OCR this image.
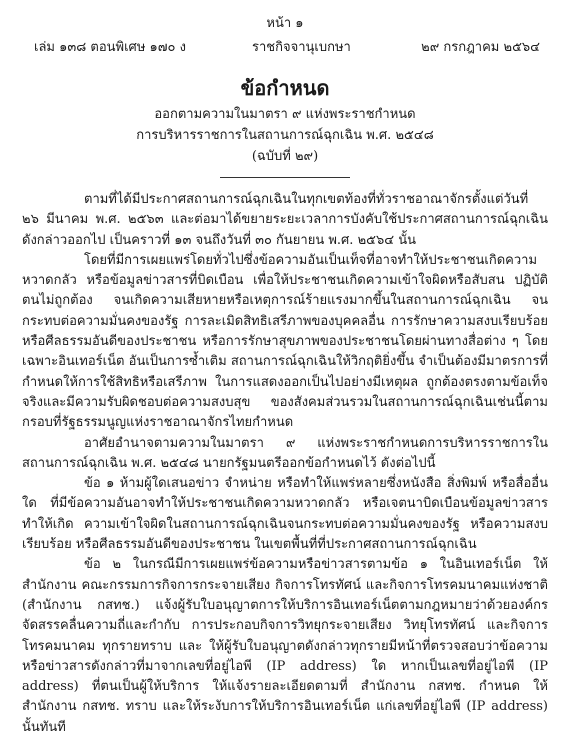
หน้า ๑
เล่ม ๑๓๘ ตอนพิเศษ ๑๗๐ ง	ราชกิจจานุเบกษา	๒๙ กรกฎาคม ๒๕๖๔
ข้อกำหนด
ออกตามความในมาตรา ๙ แห่งพระราชกำหนด
การบริหารราชการในสถานการณ์ฉุกเฉิน พ.ศ. ๒๕๔๘
(ฉบับที่ ๒๙)

ตามที่ได้มีประกาศสถานการณ์ฉุกเฉินในทุกเขตท้องที่ทั่วราชอาณาจักรตั้งแต่วันที่ ๒๖ มีนาคม พ.ศ. ๒๕๖๓ และต่อมาได้ขยายระยะเวลาการบังคับใช้ประกาศสถานการณ์ฉุกเฉินดังกล่าวออกไป เป็นคราวที่ ๑๓ จนถึงวันที่ ๓๐ กันยายน พ.ศ. ๒๕๖๔ นั้น

โดยที่มีการเผยแพร่โดยทั่วไปซึ่งข้อความอันเป็นเท็จที่อาจทำให้ประชาชนเกิดความหวาดกลัว หรือข้อมูลข่าวสารที่บิดเบือน เพื่อให้ประชาชนเกิดความเข้าใจผิดหรือสับสน ปฏิบัติตนไม่ถูกต้อง จนเกิดความเสียหายหรือเหตุการณ์ร้ายแรงมากขึ้นในสถานการณ์ฉุกเฉิน จนกระทบต่อความมั่นคงของรัฐ การละเมิดสิทธิเสรีภาพของบุคคลอื่น การรักษาความสงบเรียบร้อยหรือศีลธรรมอันดีของประชาชน หรือการรักษาสุขภาพของประชาชนโดยผ่านทางสื่อต่าง ๆ โดยเฉพาะอินเทอร์เน็ต อันเป็นการซ้ำเติม สถานการณ์ฉุกเฉินให้วิกฤติยิ่งขึ้น จำเป็นต้องมีมาตรการที่กำหนดให้การใช้สิทธิหรือเสรีภาพ ในการแสดงออกเป็นไปอย่างมีเหตุผล ถูกต้องตรงตามข้อเท็จจริงและมีความรับผิดชอบต่อความสงบสุข ของสังคมส่วนรวมในสถานการณ์ฉุกเฉินเช่นนี้ตามกรอบที่รัฐธรรมนูญแห่งราชอาณาจักรไทยกำหนด

อาศัยอำนาจตามความในมาตรา ๙ แห่งพระราชกำหนดการบริหารราชการในสถานการณ์ฉุกเฉิน พ.ศ. ๒๕๔๘ นายกรัฐมนตรีออกข้อกำหนดไว้ ดังต่อไปนี้

ข้อ ๑ ห้ามผู้ใดเสนอข่าว จำหน่าย หรือทำให้แพร่หลายซึ่งหนังสือ สิ่งพิมพ์ หรือสื่ออื่นใด ที่มีข้อความอันอาจทำให้ประชาชนเกิดความหวาดกลัว หรือเจตนาบิดเบือนข้อมูลข่าวสาร ทำให้เกิด ความเข้าใจผิดในสถานการณ์ฉุกเฉินจนกระทบต่อความมั่นคงของรัฐ หรือความสงบเรียบร้อย หรือศีลธรรมอันดีของประชาชน ในเขตพื้นที่ที่ประกาศสถานการณ์ฉุกเฉิน

ข้อ ๒ ในกรณีมีการเผยแพร่ข้อความหรือข่าวสารตามข้อ ๑ ในอินเทอร์เน็ต ให้สำนักงาน คณะกรรมการกิจการกระจายเสียง กิจการโทรทัศน์ และกิจการโทรคมนาคมแห่งชาติ (สำนักงาน กสทช.) แจ้งผู้รับใบอนุญาตการให้บริการอินเทอร์เน็ตตามกฎหมายว่าด้วยองค์กรจัดสรรคลื่นความถี่และกำกับ การประกอบกิจการวิทยุกระจายเสียง วิทยุโทรทัศน์ และกิจการโทรคมนาคม ทุกรายทราบ และ ให้ผู้รับใบอนุญาตดังกล่าวทุกรายมีหน้าที่ตรวจสอบว่าข้อความหรือข่าวสารดังกล่าวที่มาจากเลขที่อยู่ไอพี (IP address) ใด หากเป็นเลขที่อยู่ไอพี (IP address) ที่ตนเป็นผู้ให้บริการ ให้แจ้งรายละเอียดตามที่ สำนักงาน กสทช. กำหนด ให้สำนักงาน กสทช. ทราบ และให้ระงับการให้บริการอินเทอร์เน็ต แก่เลขที่อยู่ไอพี (IP address) นั้นทันที
